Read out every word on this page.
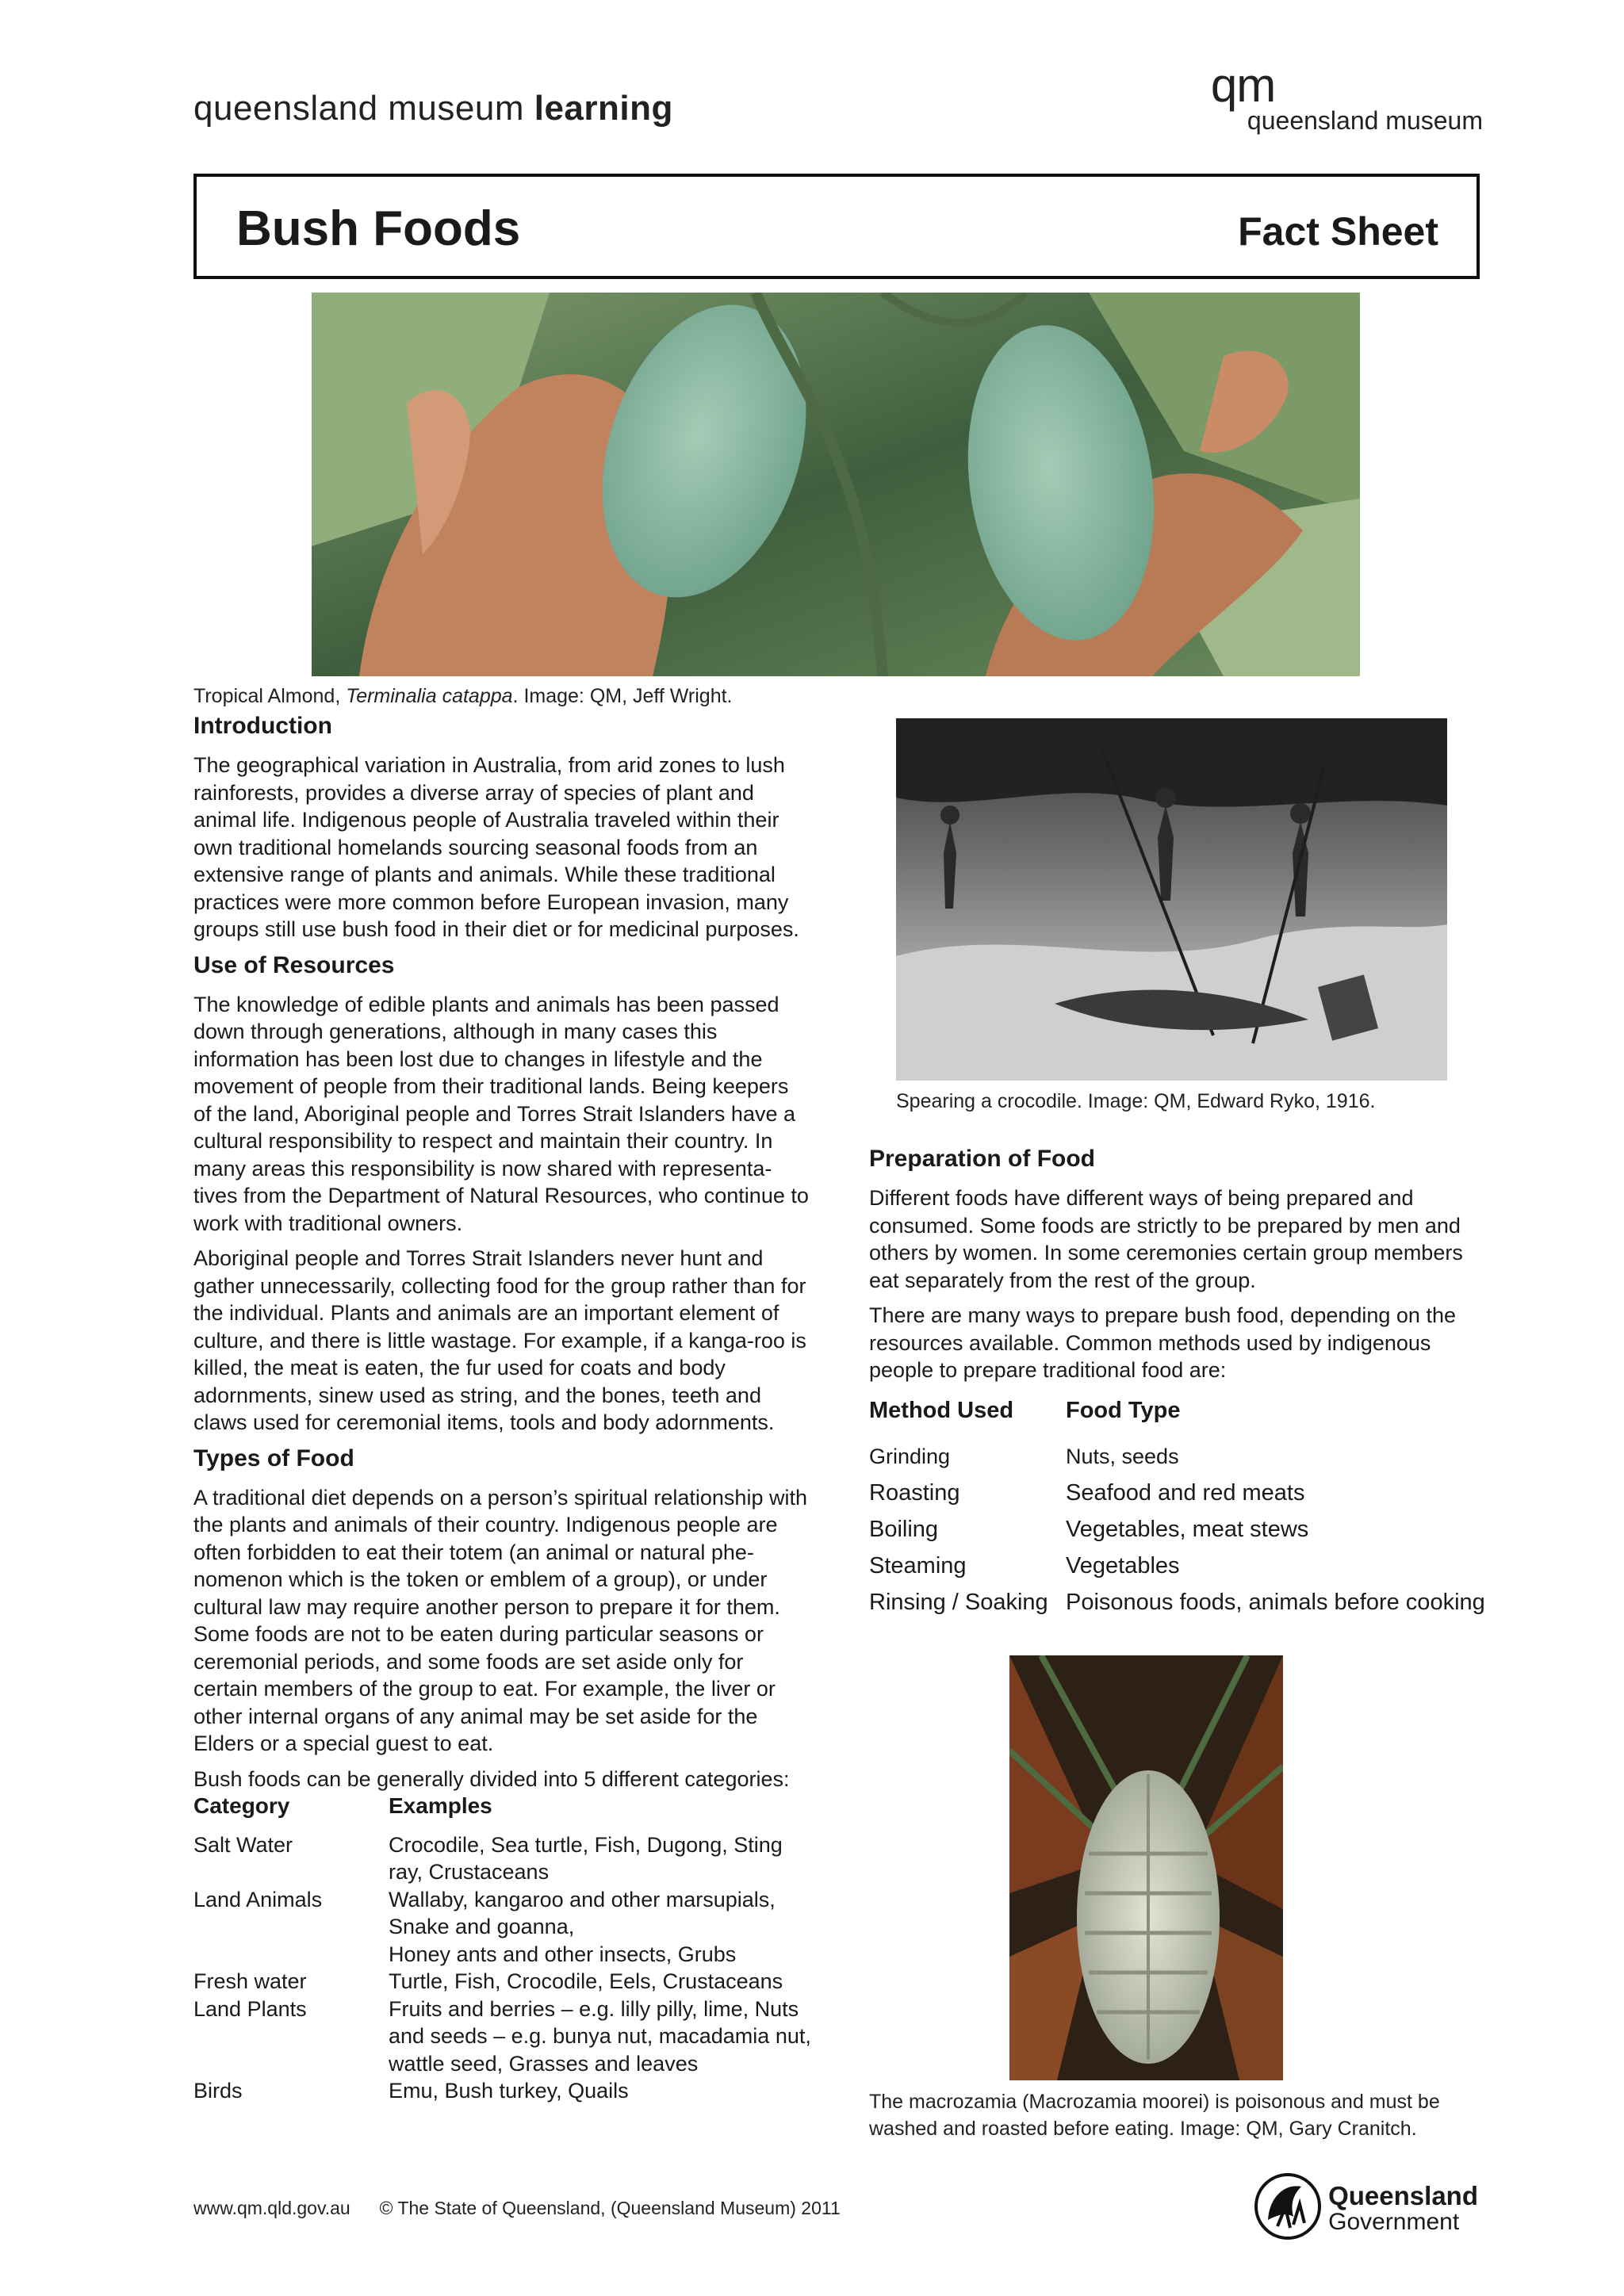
queensland museum learning	qm
queensland museum
Bush Foods	Fact Sheet
Tropical Almond, Terminalia catappa. Image: QM, Jeff Wright.
Introduction

The geographical variation in Australia, from arid zones to lush rainforests, provides a diverse array of species of plant and animal life. Indigenous people of Australia traveled within their own traditional homelands sourcing seasonal foods from an extensive range of plants and animals. While these traditional practices were more common before European invasion, many groups still use bush food in their diet or for medicinal purposes.

Use of Resources

The knowledge of edible plants and animals has been passed down through generations, although in many cases this information has been lost due to changes in lifestyle and the movement of people from their traditional lands. Being keepers of the land, Aboriginal people and Torres Strait Islanders have a cultural responsibility to respect and maintain their country. In many areas this responsibility is now shared with representa-tives from the Department of Natural Resources, who continue to work with traditional owners.

Aboriginal people and Torres Strait Islanders never hunt and gather unnecessarily, collecting food for the group rather than for the individual. Plants and animals are an important element of culture, and there is little wastage. For example, if a kanga-roo is killed, the meat is eaten, the fur used for coats and body adornments, sinew used as string, and the bones, teeth and claws used for ceremonial items, tools and body adornments.

Types of Food

A traditional diet depends on a person’s spiritual relationship with the plants and animals of their country. Indigenous people are often forbidden to eat their totem (an animal or natural phe-nomenon which is the token or emblem of a group), or under cultural law may require another person to prepare it for them. Some foods are not to be eaten during particular seasons or ceremonial periods, and some foods are set aside only for certain members of the group to eat. For example, the liver or other internal organs of any animal may be set aside for the Elders or a special guest to eat.

Bush foods can be generally divided into 5 different categories:
Category	Examples
Salt Water	Crocodile, Sea turtle, Fish, Dugong, Sting ray, Crustaceans
Land Animals	Wallaby, kangaroo and other marsupials, Snake and goanna,
Honey ants and other insects, Grubs
Fresh water	Turtle, Fish, Crocodile, Eels, Crustaceans
Land Plants	Fruits and berries – e.g. lilly pilly, lime, Nuts and seeds – e.g. bunya nut, macadamia nut, wattle seed, Grasses and leaves
Birds	Emu, Bush turkey, Quails
Spearing a crocodile. Image: QM, Edward Ryko, 1916.
Preparation of Food

Different foods have different ways of being prepared and consumed. Some foods are strictly to be prepared by men and others by women. In some ceremonies certain group members eat separately from the rest of the group.

There are many ways to prepare bush food, depending on the resources available. Common methods used by indigenous people to prepare traditional food are:

Method Used	Food Type
Grinding	Nuts, seeds
Roasting	Seafood and red meats
Boiling	Vegetables, meat stews
Steaming	Vegetables
Rinsing / Soaking	Poisonous foods, animals before cooking
The macrozamia (Macrozamia moorei) is poisonous and must be washed and roasted before eating. Image: QM, Gary Cranitch.
www.qm.qld.gov.au © The State of Queensland, (Queensland Museum) 2011	Queensland
Government
